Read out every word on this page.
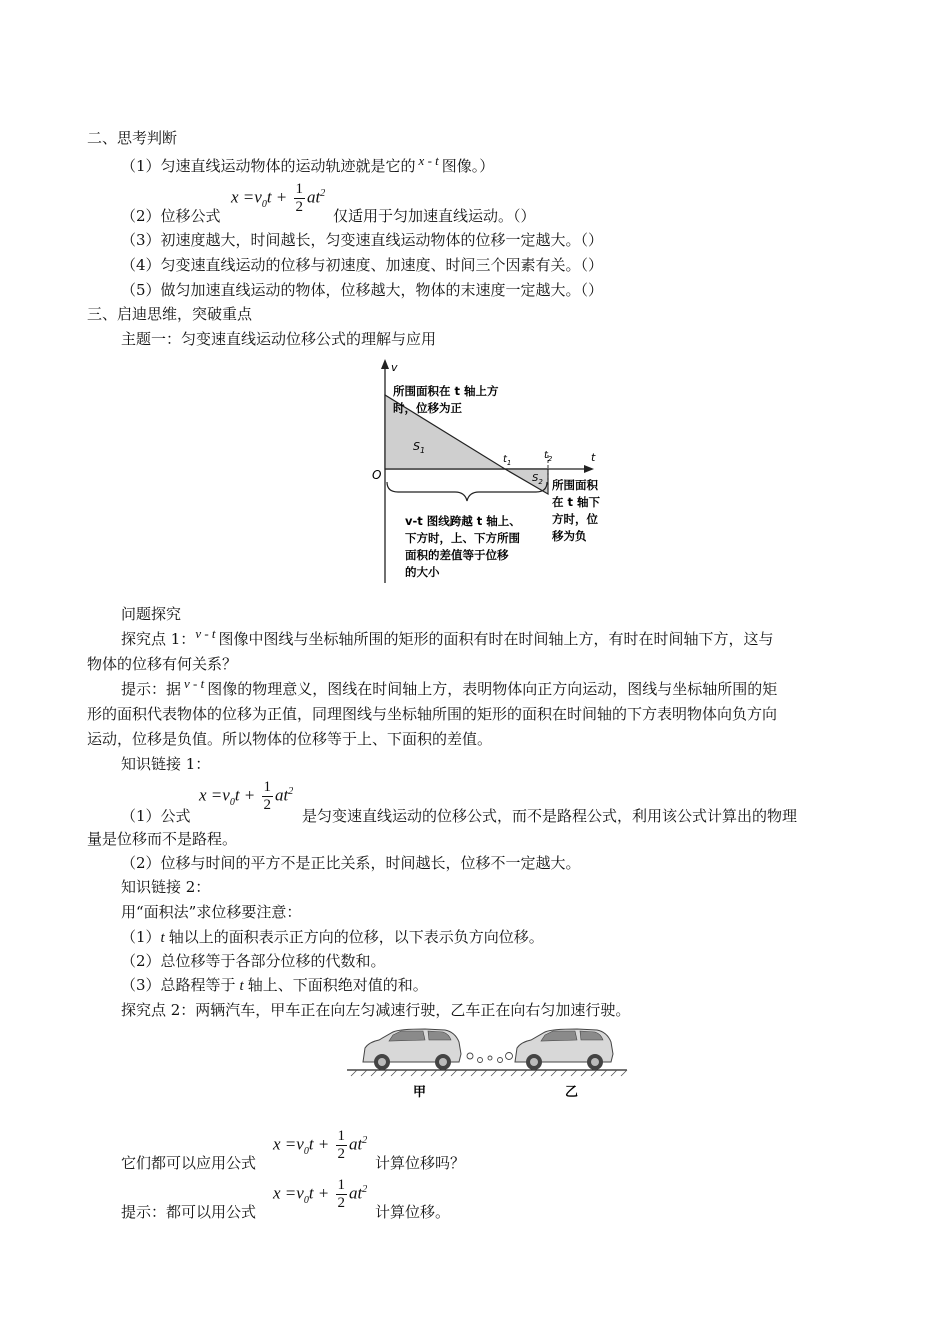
二、思考判断
（1）匀速直线运动物体的运动轨迹就是它的 x - t 图像。）
（2）位移公式
$x =v_0t + \frac{1}{2} at^2$
仅适用于匀加速直线运动。（）
（3）初速度越大，时间越长，匀变速直线运动物体的位移一定越大。（）
（4）匀变速直线运动的位移与初速度、加速度、时间三个因素有关。（）
（5）做匀加速直线运动的物体，位移越大，物体的末速度一定越大。（）
三、启迪思维，突破重点
主题一：匀变速直线运动位移公式的理解与应用
v
t
O
$S_1$
$S_2$
$t_1$
$t_2$
所围面积在 t 轴上方
时，位移为正
所围面积
在 t 轴下
方时，位
移为负
v-t 图线跨越 t 轴上、
下方时，上、下方所围
面积的差值等于位移
的大小
问题探究
探究点 1：v - t 图像中图线与坐标轴所围的矩形的面积有时在时间轴上方，有时在时间轴下方，这与
物体的位移有何关系？
提示：据 v - t 图像的物理意义，图线在时间轴上方，表明物体向正方向运动，图线与坐标轴所围的矩
形的面积代表物体的位移为正值，同理图线与坐标轴所围的矩形的面积在时间轴的下方表明物体向负方向
运动，位移是负值。所以物体的位移等于上、下面积的差值。
知识链接 1：
（1）公式
$x =v_0t + \frac{1}{2} at^2$
是匀变速直线运动的位移公式，而不是路程公式，利用该公式计算出的物理
量是位移而不是路程。
（2）位移与时间的平方不是正比关系，时间越长，位移不一定越大。
知识链接 2：
用“面积法”求位移要注意：
（1）t 轴以上的面积表示正方向的位移，以下表示负方向位移。
（2）总位移等于各部分位移的代数和。
（3）总路程等于 t 轴上、下面积绝对值的和。
探究点 2：两辆汽车，甲车正在向左匀减速行驶，乙车正在向右匀加速行驶。
甲	乙
它们都可以应用公式
$x =v_0t + \frac{1}{2} at^2$
计算位移吗？
提示：都可以用公式
$x =v_0t + \frac{1}{2} at^2$
计算位移。
